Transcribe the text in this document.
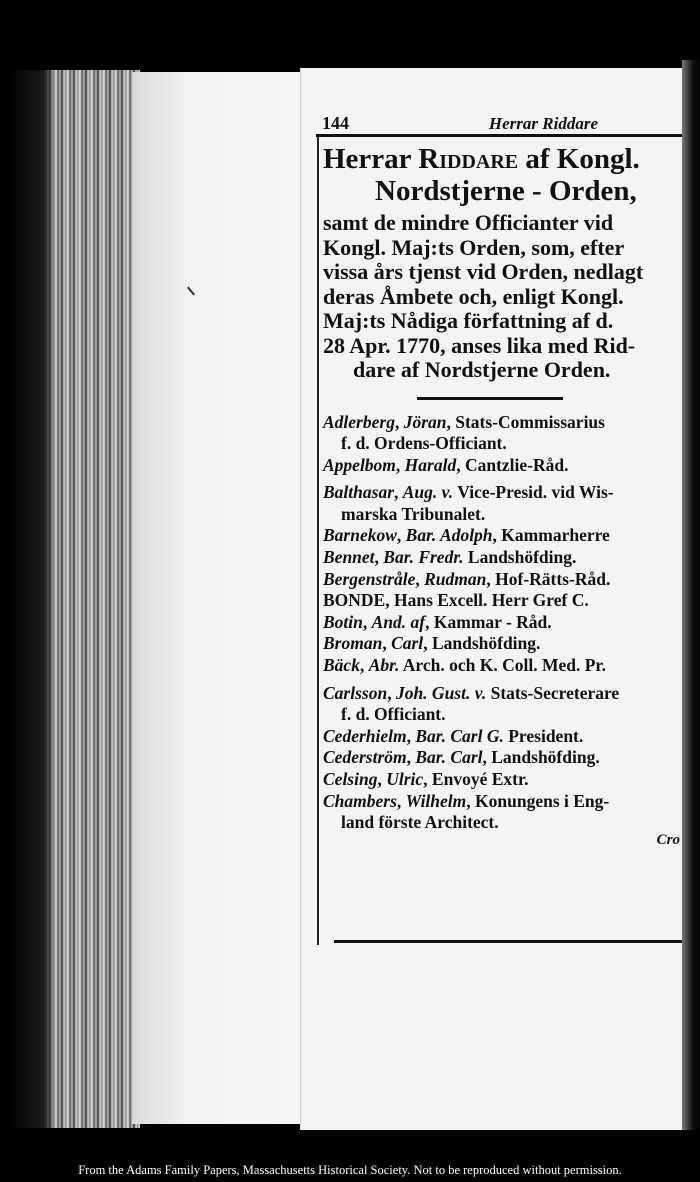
144	Herrar Riddare
Herrar Riddare af Kongl.
Nordstjerne - Orden,
samt de mindre Officianter vid
Kongl. Maj:ts Orden, som, efter
vissa års tjenst vid Orden, nedlagt
deras Åmbete och, enligt Kongl.
Maj:ts Nådiga författning af d.
28 Apr. 1770, anses lika med Rid-
dare af Nordstjerne Orden.
Adlerberg, Jöran, Stats-Commissarius
f. d. Ordens-Officiant.
Appelbom, Harald, Cantzlie-Råd.
Balthasar, Aug. v. Vice-Presid. vid Wis-
marska Tribunalet.
Barnekow, Bar. Adolph, Kammarherre
Bennet, Bar. Fredr. Landshöfding.
Bergenstråle, Rudman, Hof-Rätts-Råd.
BONDE, Hans Excell. Herr Gref C.
Botin, And. af, Kammar - Råd.
Broman, Carl, Landshöfding.
Bäck, Abr. Arch. och K. Coll. Med. Pr.
Carlsson, Joh. Gust. v. Stats-Secreterare
f. d. Officiant.
Cederhielm, Bar. Carl G. President.
Cederström, Bar. Carl, Landshöfding.
Celsing, Ulric, Envoyé Extr.
Chambers, Wilhelm, Konungens i Eng-
land förste Architect.
Cro
From the Adams Family Papers, Massachusetts Historical Society. Not to be reproduced without permission.
